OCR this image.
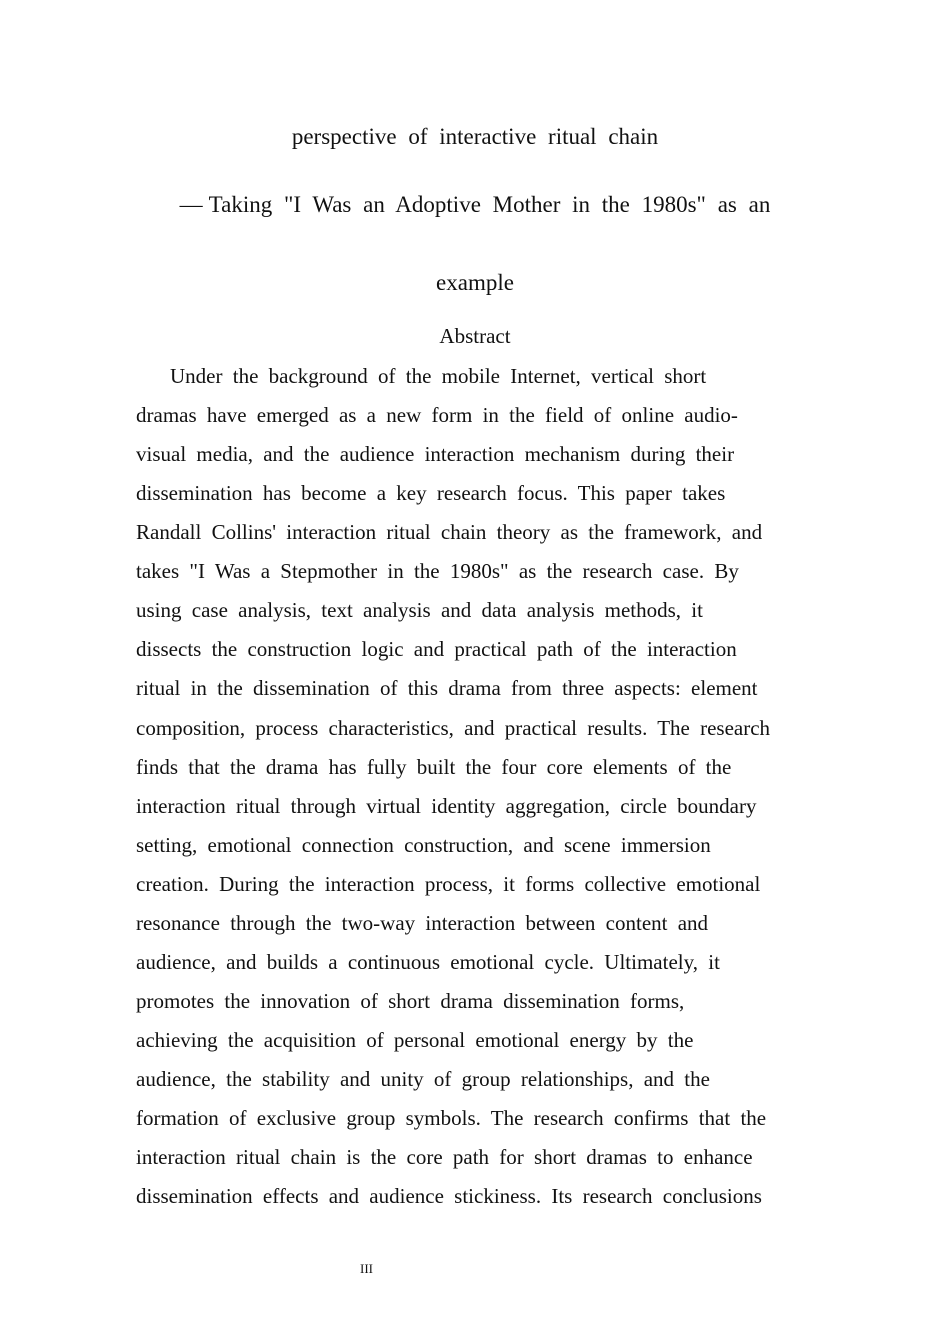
perspective of interactive ritual chain
— Taking "I Was an Adoptive Mother in the 1980s" as an
example
Abstract
Under the background of the mobile Internet, vertical short
dramas have emerged as a new form in the field of online audio-
visual media, and the audience interaction mechanism during their
dissemination has become a key research focus. This paper takes
Randall Collins' interaction ritual chain theory as the framework, and
takes "I Was a Stepmother in the 1980s" as the research case. By
using case analysis, text analysis and data analysis methods, it
dissects the construction logic and practical path of the interaction
ritual in the dissemination of this drama from three aspects: element
composition, process characteristics, and practical results. The research
finds that the drama has fully built the four core elements of the
interaction ritual through virtual identity aggregation, circle boundary
setting, emotional connection construction, and scene immersion
creation. During the interaction process, it forms collective emotional
resonance through the two-way interaction between content and
audience, and builds a continuous emotional cycle. Ultimately, it
promotes the innovation of short drama dissemination forms,
achieving the acquisition of personal emotional energy by the
audience, the stability and unity of group relationships, and the
formation of exclusive group symbols. The research confirms that the
interaction ritual chain is the core path for short dramas to enhance
dissemination effects and audience stickiness. Its research conclusions
III
